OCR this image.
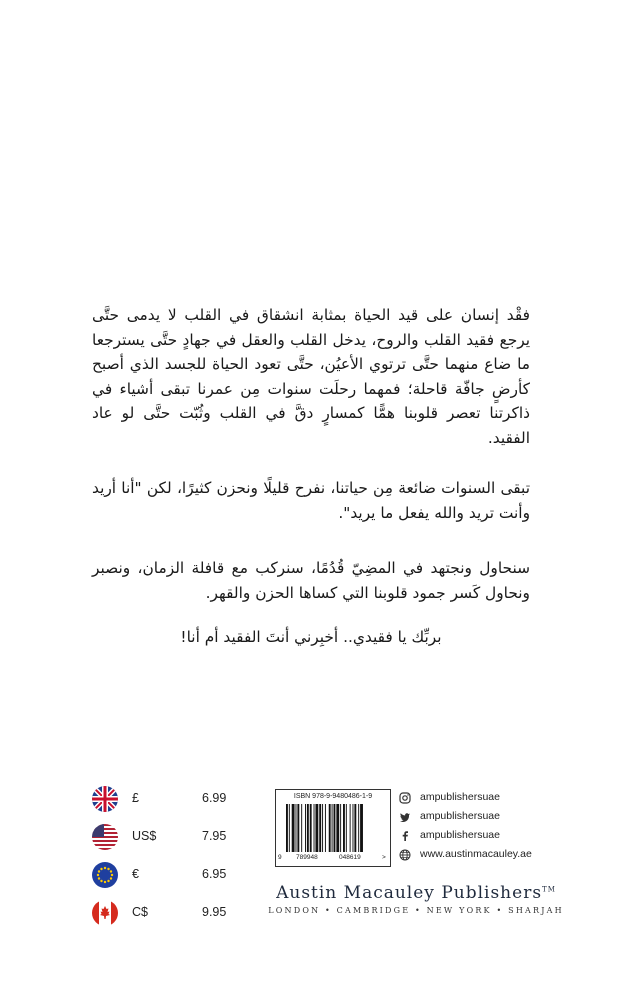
فقْد إنسان على قيد الحياة بمثابة انشقاق في القلب لا يدمى حتَّى يرجع فقيد القلب والروح، يدخل القلب والعقل في جهادٍ حتَّى يسترجعا ما ضاع منهما حتَّى ترتوي الأعيُن، حتَّى تعود الحياة للجسد الذي أصبح كأرضٍ جافّة قاحلة؛ فمهما رحلَت سنوات مِن عمرنا تبقى أشياء في ذاكرتنا تعصر قلوبنا همًّا كمسارٍ دقَّ في القلب وثُبّت حتَّى لو عاد الفقيد.

تبقى السنوات ضائعة مِن حياتنا، نفرح قليلًا ونحزن كثيرًا، لكن "أنا أريد وأنت تريد والله يفعل ما يريد".

سنحاول ونجتهد في المضِيّ قُدُمًا، سنركب مع قافلة الزمان، ونصبر ونحاول كَسر جمود قلوبنا التي كساها الحزن والقهر.

بربِّك يا فقيدي.. أخبِرني أنتَ الفقيد أم أنا!

£	6.99
US$	7.95
€	6.95
C$	9.95
ISBN 978-9-9480486-1-9
9 789948	048619	>
ampublishersuae
ampublishersuae
ampublishersuae
www.austinmacauley.ae
Austin Macauley Publishers™
LONDON • CAMBRIDGE • NEW YORK • SHARJAH
